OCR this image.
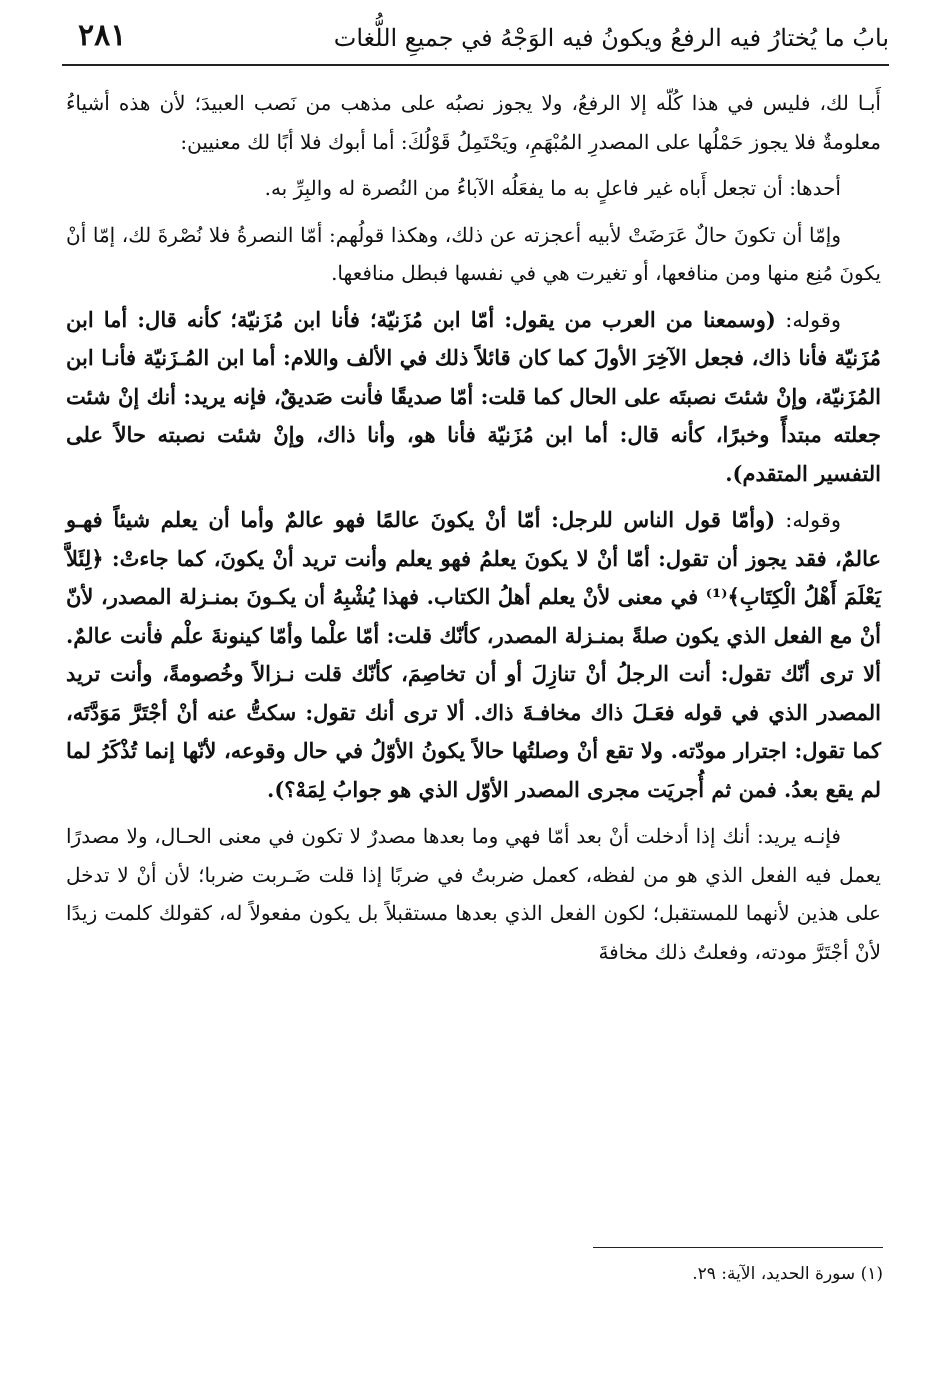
بابُ ما يُختارُ فيه الرفعُ ويكونُ فيه الوَجْهُ في جميعِ اللُّغات
٢٨١

أَبـا لك، فليس في هذا كُلّه إلا الرفعُ، ولا يجوز نصبُه على مذهب من نَصب العبيدَ؛ لأن هذه أشياءُ معلومةٌ فلا يجوز حَمْلُها على المصدرِ المُبْهَمِ، ويَحْتَمِلُ قَوْلُكَ: أما أبوك فلا أبًا لك معنيين:

أحدها: أن تجعل أَباه غير فاعلٍ به ما يفعَلُه الآباءُ من النُصرة له والبِرِّ به.

وإمّا أن تكونَ حالٌ عَرَضَتْ لأبيه أعجزته عن ذلك، وهكذا قولُهم: أمّا النصرةُ فلا نُصْرةَ لك، إمّا أنْ يكونَ مُنِع منها ومن منافعها، أو تغيرت هي في نفسها فبطل منافعها.

وقوله: (وسمعنا من العرب من يقول: أمّا ابن مُزَنيّة؛ فأنا ابن مُزَنيّة؛ كأنه قال: أما ابن مُزَنيّة فأنا ذاك، فجعل الآخِرَ الأولَ كما كان قائلاً ذلك في الألف واللام: أما ابن المُـزَنيّة فأنـا ابن المُزَنيّة، وإنْ شئتَ نصبتَه على الحال كما قلت: أمّا صديقًا فأنت صَديقٌ، فإنه يريد: أنك إنْ شئت جعلته مبتدأً وخبرًا، كأنه قال: أما ابن مُزَنيّة فأنا هو، وأنا ذاك، وإنْ شئت نصبته حالاً على التفسير المتقدم).

وقوله: (وأمّا قول الناس للرجل: أمّا أنْ يكونَ عالمًا فهو عالمٌ وأما أن يعلم شيئاً فهـو عالمٌ، فقد يجوز أن تقول: أمّا أنْ لا يكونَ يعلمُ فهو يعلم وأنت تريد أنْ يكونَ، كما جاءتْ: ﴿لِئَلاَّ يَعْلَمَ أَهْلُ الْكِتَابِ﴾⁽¹⁾ في معنى لأنْ يعلم أهلُ الكتاب. فهذا يُشْبِهُ أن يكـونَ بمنـزلة المصدر، لأنّ أنْ مع الفعل الذي يكون صلةً بمنـزلة المصدر، كأنّك قلت: أمّا علْما وأمّا كينونةَ علْم فأنت عالمٌ. ألا ترى أنّك تقول: أنت الرجلُ أنْ تنازِلَ أو أن تخاصِمَ، كأنّك قلت نـزالاً وخُصومةً، وأنت تريد المصدر الذي في قوله فعَـلَ ذاك مخافـةَ ذاك. ألا ترى أنك تقول: سكتُّ عنه أنْ أجْتَرَّ مَوَدَّتَه، كما تقول: اجترار مودّته. ولا تقع أنْ وصلتُها حالاً يكونُ الأوّلُ في حال وقوعه، لأنّها إنما تُذْكَرُ لما لم يقع بعدُ. فمن ثم أُجريَت مجرى المصدر الأوّل الذي هو جوابُ لِمَهْ؟).

فإنـه يريد: أنك إذا أدخلت أنْ بعد أمّا فهي وما بعدها مصدرٌ لا تكون في معنى الحـال، ولا مصدرًا يعمل فيه الفعل الذي هو من لفظه، كعمل ضربتُ في ضربًا إذا قلت ضَـربت ضربا؛ لأن أنْ لا تدخل على هذين لأنهما للمستقبل؛ لكون الفعل الذي بعدها مستقبلاً بل يكون مفعولاً له، كقولك كلمت زيدًا لأنْ أجْتَرَّ مودته، وفعلتُ ذلك مخافةَ

(١) سورة الحديد، الآية: ٢٩.
